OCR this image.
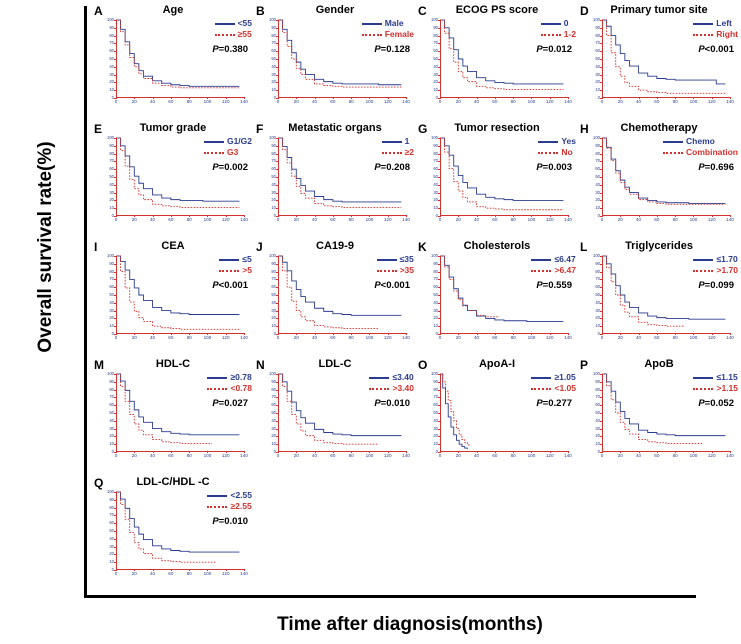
Overall survival rate(%)
Time after diagnosis(months)
A	Age
0
10
20
30
40
50
60
70
80
90
100
0	20	40	60	80	100 120 140
<55
≥55
P=0.380
B	Gender
0
10
20
30
40
50
60
70
80
90
100
0	20	40	60	80	100 120 140
Male
Female
P=0.128
C	ECOG PS score
0
10
20
30
40
50
60
70
80
90
100
0	20	40	60	80	100 120 140
0
1-2
P=0.012
D	Primary tumor site
0
10
20
30
40
50
60
70
80
90
100
0	20	40	60	80	100 120 140
Left
Right
P<0.001
E	Tumor grade
0
10
20
30
40
50
60
70
80
90
100
0	20	40	60	80	100 120 140
G1/G2
G3
P=0.002
F	Metastatic organs
0
10
20
30
40
50
60
70
80
90
100
0	20	40	60	80	100 120 140
1
≥2
P=0.208
G	Tumor resection
0
10
20
30
40
50
60
70
80
90
100
0	20	40	60	80	100 120 140
Yes
No
P=0.003
H	Chemotherapy
0
10
20
30
40
50
60
70
80
90
100
0	20	40	60	80	100 120 140
Chemo
Combination
P=0.696
I	CEA
0
10
20
30
40
50
60
70
80
90
100
0	20	40	60	80	100 120 140
≤5
>5
P<0.001
J	CA19-9
0
10
20
30
40
50
60
70
80
90
100
0	20	40	60	80	100 120 140
≤35
>35
P<0.001
K	Cholesterols
0
10
20
30
40
50
60
70
80
90
100
0	20	40	60	80	100 120 140
≤6.47
>6.47
P=0.559
L	Triglycerides
0
10
20
30
40
50
60
70
80
90
100
0	20	40	60	80	100 120 140
≤1.70
>1.70
P=0.099
M	HDL-C
0
10
20
30
40
50
60
70
80
90
100
0	20	40	60	80	100 120 140
≥0.78
<0.78
P=0.027
N	LDL-C
0
10
20
30
40
50
60
70
80
90
100
0	20	40	60	80	100 120 140
≤3.40
>3.40
P=0.010
O	ApoA-I
0
10
20
30
40
50
60
70
80
90
100
0	20	40	60	80	100 120 140
≥1.05
<1.05
P=0.277
P	ApoB
0
10
20
30
40
50
60
70
80
90
100
0	20	40	60	80	100 120 140
≤1.15
>1.15
P=0.052
Q	LDL-C/HDL -C
0
10
20
30
40
50
60
70
80
90
100
0	20	40	60	80	100 120 140
<2.55
≥2.55
P=0.010
